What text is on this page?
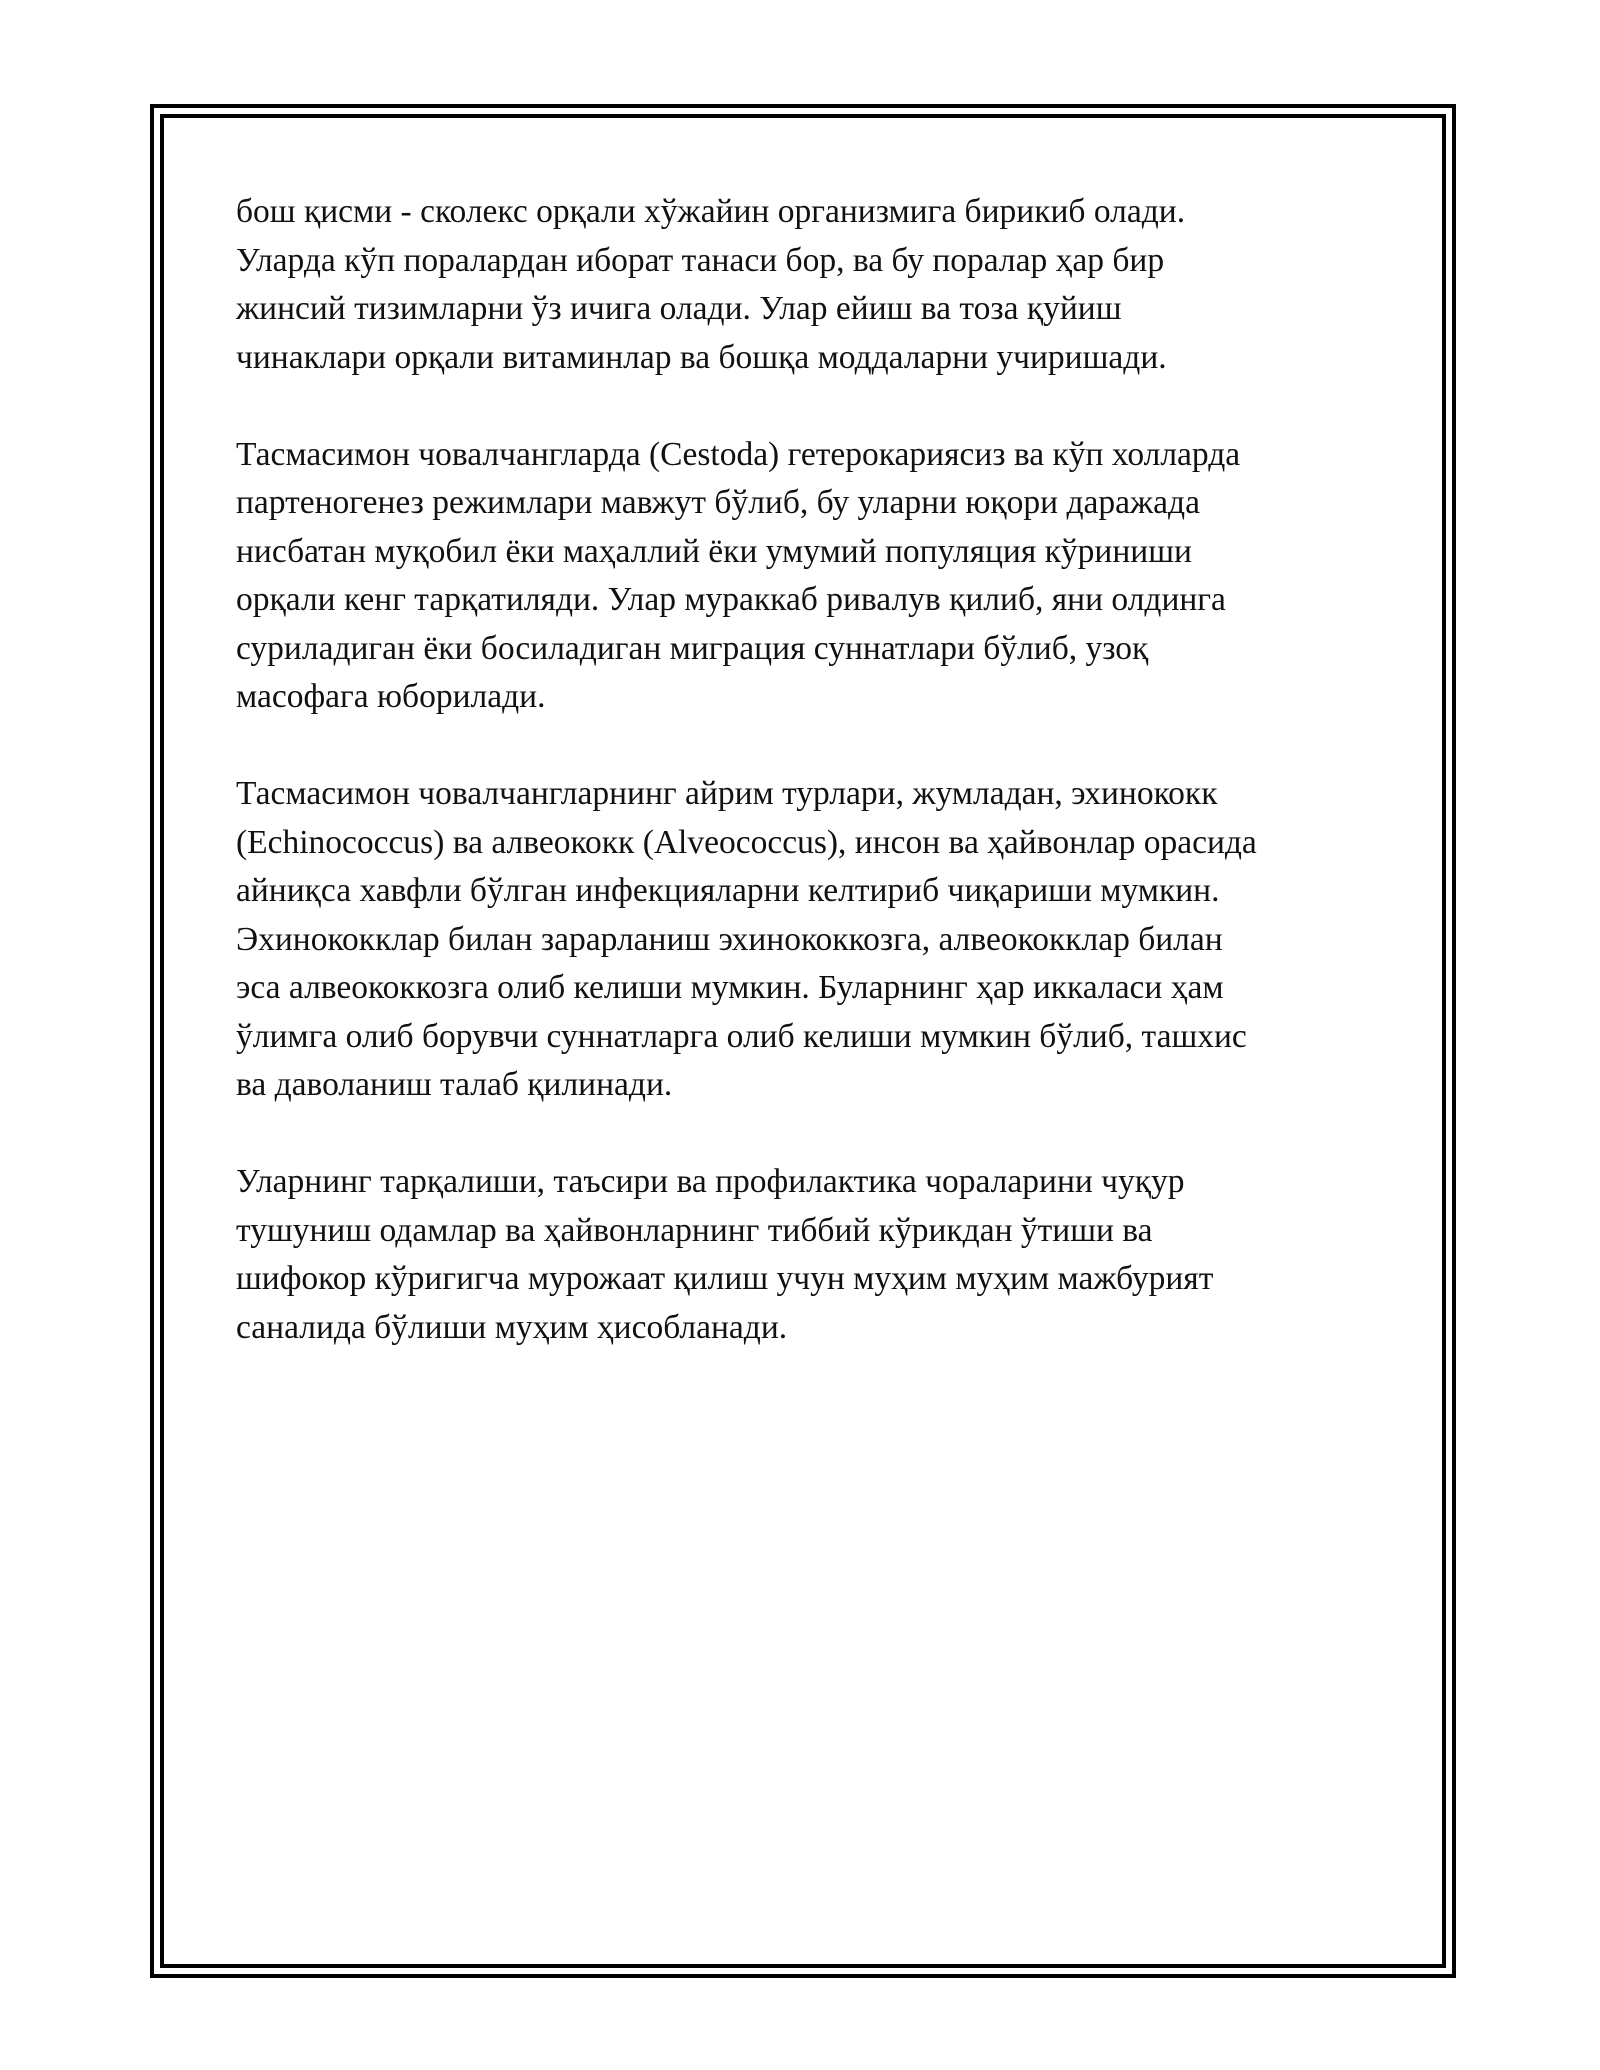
бош қисми - сколекс орқали хўжайин организмига бирикиб олади.
Уларда кўп поралардан иборат танаси бор, ва бу поралар ҳар бир
жинсий тизимларни ўз ичига олади. Улар ейиш ва тоза қуйиш
чинаклари орқали витаминлар ва бошқа моддаларни учиришади.

Тасмасимон човалчангларда (Cestoda) гетерокариясиз ва кўп холларда
партеногенез режимлари мавжут бўлиб, бу уларни юқори даражада
нисбатан муқобил ёки маҳаллий ёки умумий популяция кўриниши
орқали кенг тарқатиляди. Улар мураккаб ривалув қилиб, яни олдинга
суриладиган ёки босиладиган миграция суннатлари бўлиб, узоқ
масофага юборилади.

Тасмасимон човалчангларнинг айрим турлари, жумладан, эхинококк
(Echinococcus) ва алвеококк (Alveococcus), инсон ва ҳайвонлар орасида
айниқса хавфли бўлган инфекцияларни келтириб чиқариши мумкин.
Эхинококклар билан зарарланиш эхинококкозга, алвеококклар билан
эса алвеококкозга олиб келиши мумкин. Буларнинг ҳар иккаласи ҳам
ўлимга олиб борувчи суннатларга олиб келиши мумкин бўлиб, ташхис
ва даволаниш талаб қилинади.

Уларнинг тарқалиши, таъсири ва профилактика чораларини чуқур
тушуниш одамлар ва ҳайвонларнинг тиббий кўрикдан ўтиши ва
шифокор кўригигча мурожаат қилиш учун муҳим муҳим мажбурият
саналида бўлиши муҳим ҳисобланади.
